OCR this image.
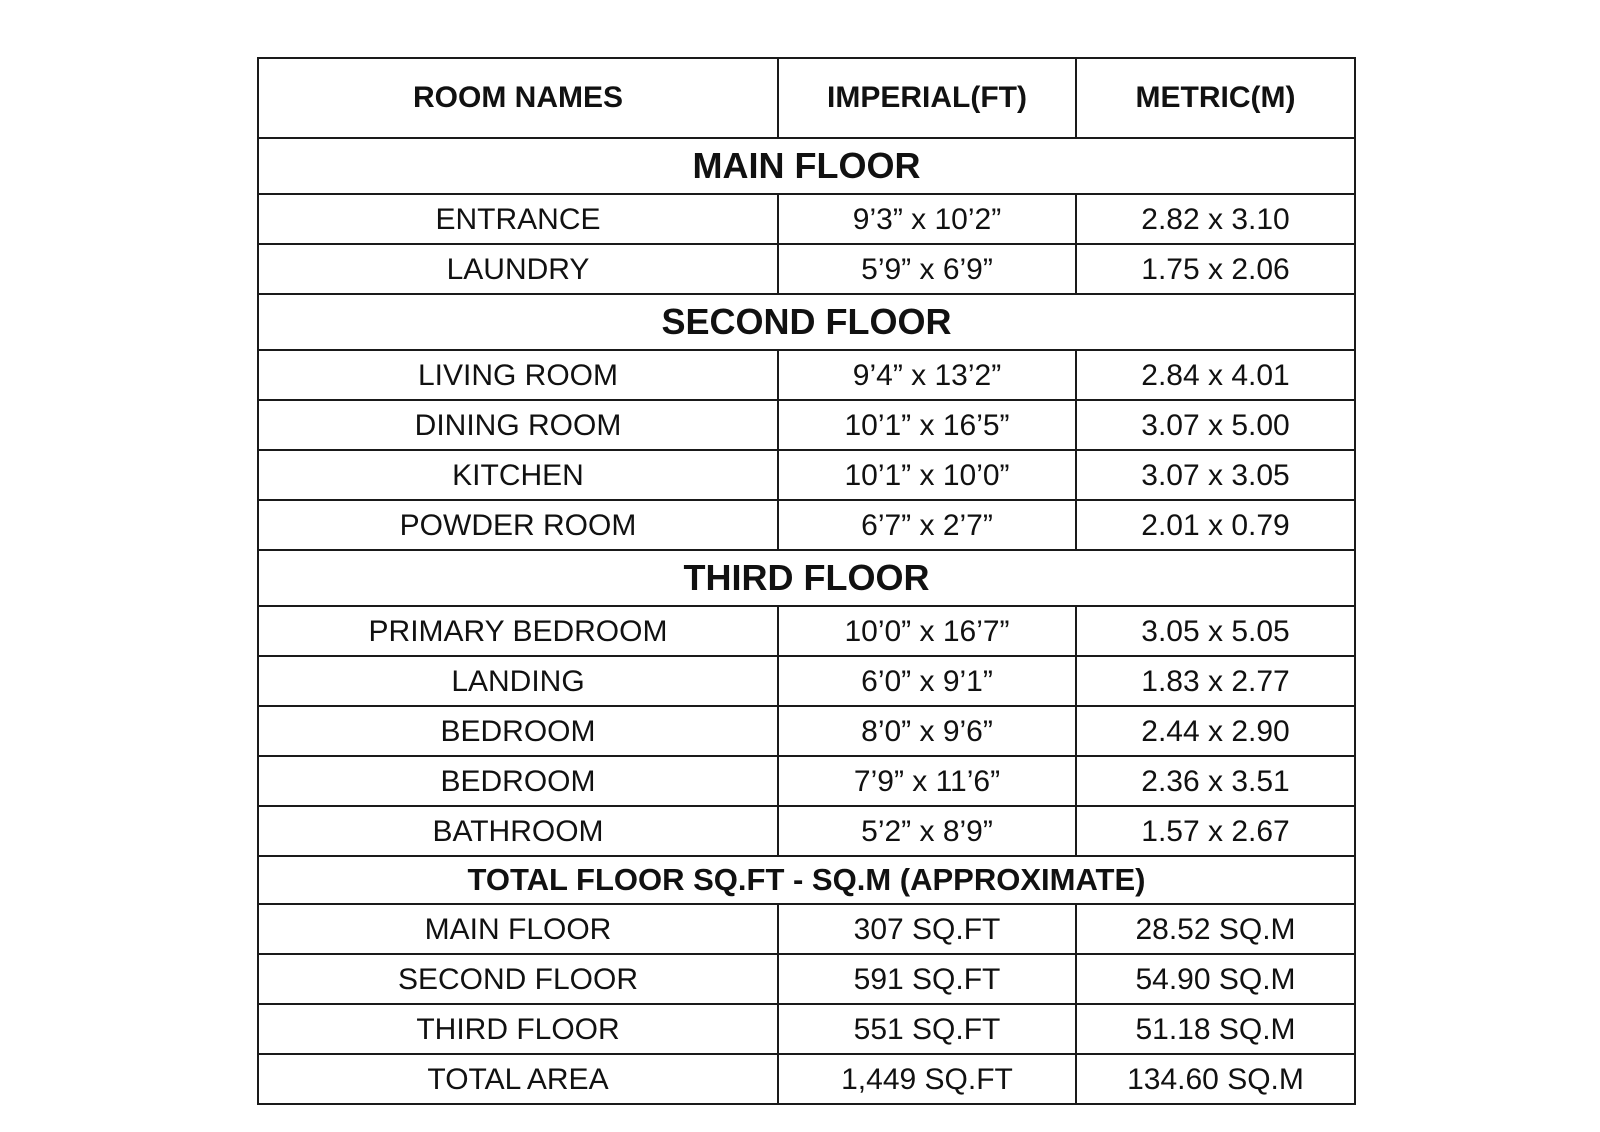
ROOM NAMES	IMPERIAL(FT)	METRIC(M)
MAIN FLOOR		
ENTRANCE	9’3” x 10’2”	2.82 x 3.10
LAUNDRY	5’9” x 6’9”	1.75 x 2.06
SECOND FLOOR		
LIVING ROOM	9’4” x 13’2”	2.84 x 4.01
DINING ROOM	10’1” x 16’5”	3.07 x 5.00
KITCHEN	10’1” x 10’0”	3.07 x 3.05
POWDER ROOM	6’7” x 2’7”	2.01 x 0.79
THIRD FLOOR		
PRIMARY BEDROOM	10’0” x 16’7”	3.05 x 5.05
LANDING	6’0” x 9’1”	1.83 x 2.77
BEDROOM	8’0” x 9’6”	2.44 x 2.90
BEDROOM	7’9” x 11’6”	2.36 x 3.51
BATHROOM	5’2” x 8’9”	1.57 x 2.67
TOTAL FLOOR SQ.FT - SQ.M (APPROXIMATE)		
MAIN FLOOR	307 SQ.FT	28.52 SQ.M
SECOND FLOOR	591 SQ.FT	54.90 SQ.M
THIRD FLOOR	551 SQ.FT	51.18 SQ.M
TOTAL AREA	1,449 SQ.FT	134.60 SQ.M
